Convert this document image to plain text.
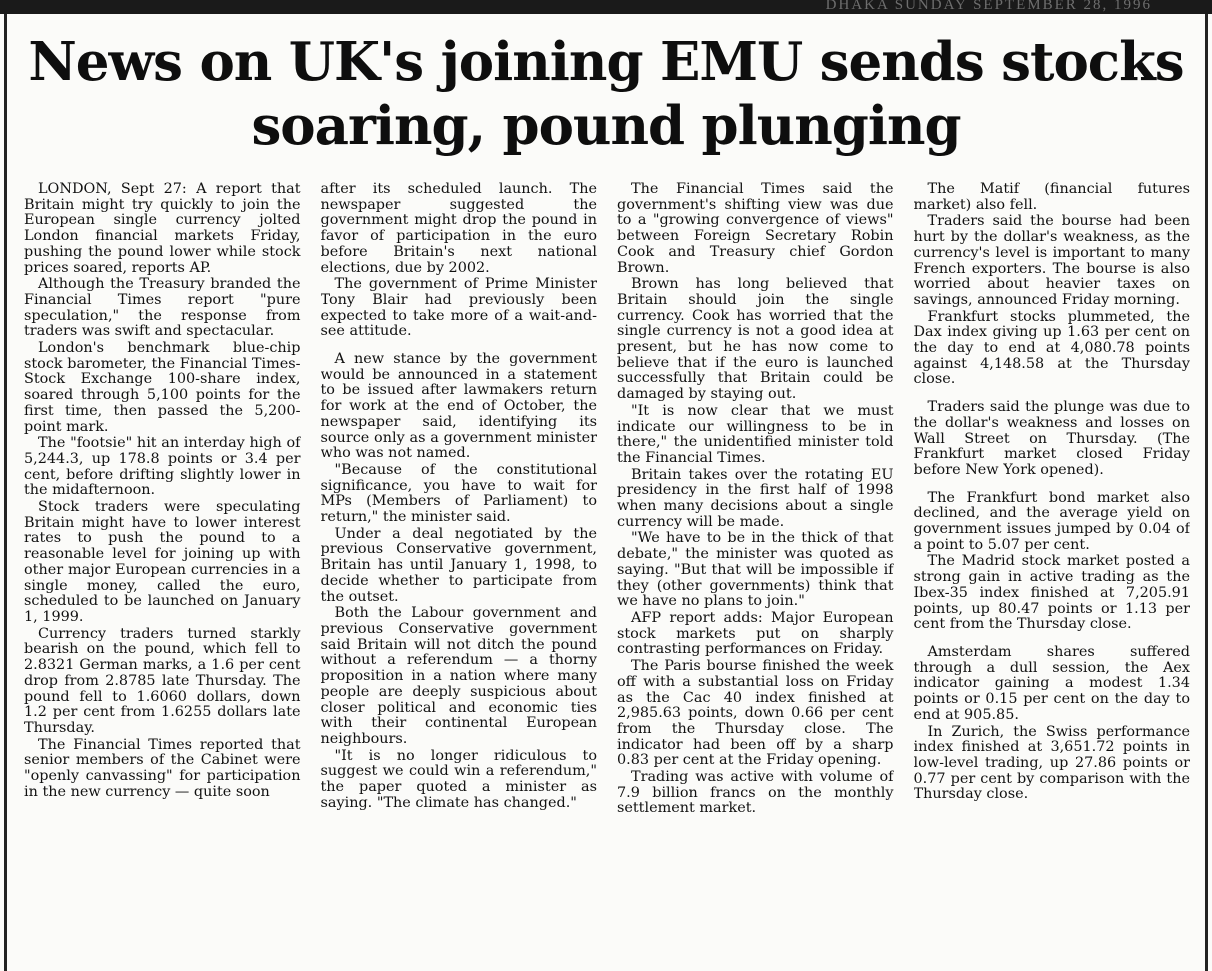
DHAKA SUNDAY SEPTEMBER 28, 1996
News on UK's joining EMU sends stocks soaring, pound plunging

LONDON, Sept 27: A report that Britain might try quickly to join the European single currency jolted London financial markets Friday, pushing the pound lower while stock prices soared, reports AP.

Although the Treasury branded the Financial Times report "pure speculation," the response from traders was swift and spectacular.

London's benchmark blue-chip stock barometer, the Financial Times-Stock Exchange 100-share index, soared through 5,100 points for the first time, then passed the 5,200-point mark.

The "footsie" hit an interday high of 5,244.3, up 178.8 points or 3.4 per cent, before drifting slightly lower in the midafternoon.

Stock traders were speculating Britain might have to lower interest rates to push the pound to a reasonable level for joining up with other major European currencies in a single money, called the euro, scheduled to be launched on January 1, 1999.

Currency traders turned starkly bearish on the pound, which fell to 2.8321 German marks, a 1.6 per cent drop from 2.8785 late Thursday. The pound fell to 1.6060 dollars, down 1.2 per cent from 1.6255 dollars late Thursday.

The Financial Times reported that senior members of the Cabinet were "openly canvassing" for participation in the new currency — quite soon

after its scheduled launch. The newspaper suggested the government might drop the pound in favor of participation in the euro before Britain's next national elections, due by 2002.

The government of Prime Minister Tony Blair had previously been expected to take more of a wait-and-see attitude.

A new stance by the government would be announced in a statement to be issued after lawmakers return for work at the end of October, the newspaper said, identifying its source only as a government minister who was not named.

"Because of the constitutional significance, you have to wait for MPs (Members of Parliament) to return," the minister said.

Under a deal negotiated by the previous Conservative government, Britain has until January 1, 1998, to decide whether to participate from the outset.

Both the Labour government and previous Conservative government said Britain will not ditch the pound without a referendum — a thorny proposition in a nation where many people are deeply suspicious about closer political and economic ties with their continental European neighbours.

"It is no longer ridiculous to suggest we could win a referendum," the paper quoted a minister as saying. "The climate has changed."

The Financial Times said the government's shifting view was due to a "growing convergence of views" between Foreign Secretary Robin Cook and Treasury chief Gordon Brown.

Brown has long believed that Britain should join the single currency. Cook has worried that the single currency is not a good idea at present, but he has now come to believe that if the euro is launched successfully that Britain could be damaged by staying out.

"It is now clear that we must indicate our willingness to be in there," the unidentified minister told the Financial Times.

Britain takes over the rotating EU presidency in the first half of 1998 when many decisions about a single currency will be made.

"We have to be in the thick of that debate," the minister was quoted as saying. "But that will be impossible if they (other governments) think that we have no plans to join."

AFP report adds: Major European stock markets put on sharply contrasting performances on Friday.

The Paris bourse finished the week off with a substantial loss on Friday as the Cac 40 index finished at 2,985.63 points, down 0.66 per cent from the Thursday close. The indicator had been off by a sharp 0.83 per cent at the Friday opening.

Trading was active with volume of 7.9 billion francs on the monthly settlement market.

The Matif (financial futures market) also fell.

Traders said the bourse had been hurt by the dollar's weakness, as the currency's level is important to many French exporters. The bourse is also worried about heavier taxes on savings, announced Friday morning.

Frankfurt stocks plummeted, the Dax index giving up 1.63 per cent on the day to end at 4,080.78 points against 4,148.58 at the Thursday close.

Traders said the plunge was due to the dollar's weakness and losses on Wall Street on Thursday. (The Frankfurt market closed Friday before New York opened).

The Frankfurt bond market also declined, and the average yield on government issues jumped by 0.04 of a point to 5.07 per cent.

The Madrid stock market posted a strong gain in active trading as the Ibex-35 index finished at 7,205.91 points, up 80.47 points or 1.13 per cent from the Thursday close.

Amsterdam shares suffered through a dull session, the Aex indicator gaining a modest 1.34 points or 0.15 per cent on the day to end at 905.85.

In Zurich, the Swiss performance index finished at 3,651.72 points in low-level trading, up 27.86 points or 0.77 per cent by comparison with the Thursday close.
